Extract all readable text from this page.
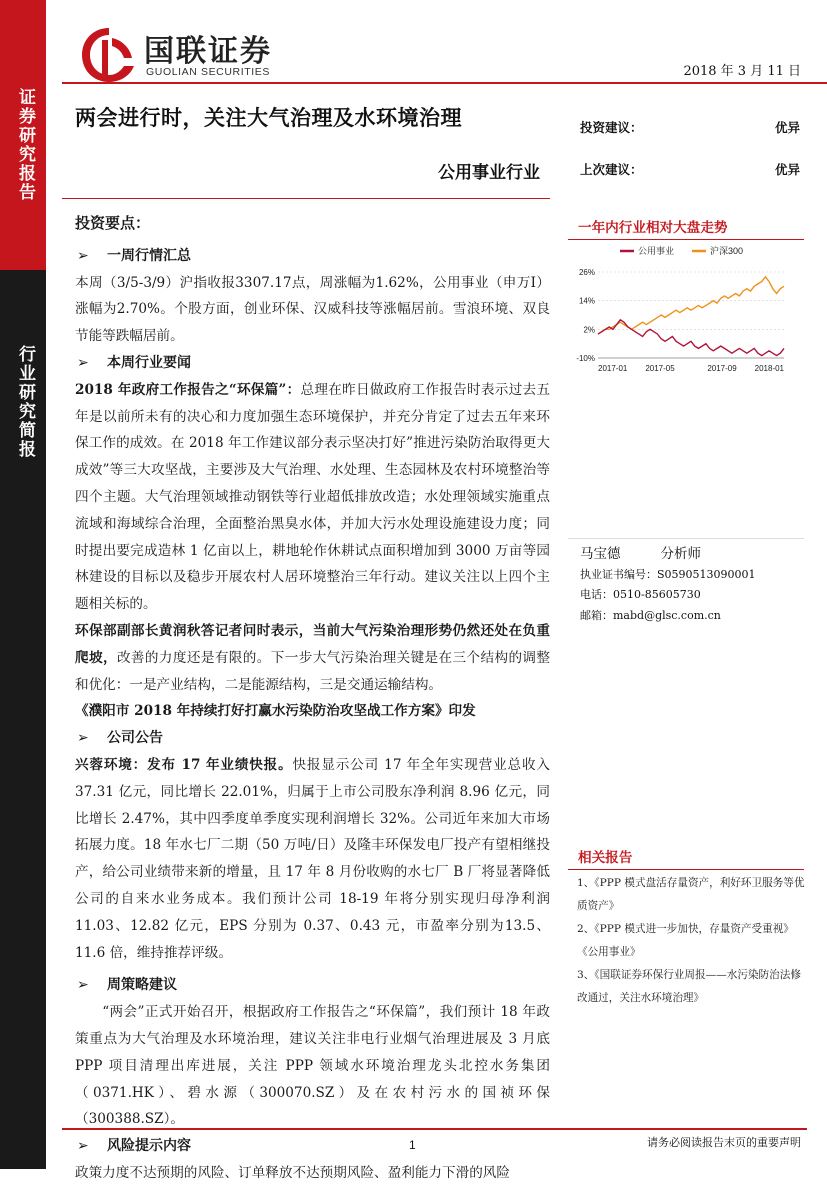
证券研究报告
行业研究简报
国联证券
GUOLIAN SECURITIES	2018 年 3 月 11 日
两会进行时，关注大气治理及水环境治理
公用事业行业
投资建议：	优异
上次建议：	优异
一年内行业相对大盘走势
公用事业	沪深300
26%
14%
2%
-10%
2017-01 2017-05	2017-09 2018-01
投资要点：
➢ 一周行情汇总

本周（3/5-3/9）沪指收报3307.17点，周涨幅为1.62%，公用事业（申万Ⅰ）涨幅为2.70%。个股方面，创业环保、汉威科技等涨幅居前。雪浪环境、双良节能等跌幅居前。

➢ 本周行业要闻

2018 年政府工作报告之“环保篇”：总理在昨日做政府工作报告时表示过去五年是以前所未有的决心和力度加强生态环境保护，并充分肯定了过去五年来环保工作的成效。在 2018 年工作建议部分表示坚决打好”推进污染防治取得更大成效”等三大攻坚战，主要涉及大气治理、水处理、生态园林及农村环境整治等四个主题。大气治理领域推动钢铁等行业超低排放改造；水处理领域实施重点流域和海域综合治理，全面整治黑臭水体，并加大污水处理设施建设力度；同时提出要完成造林 1 亿亩以上，耕地轮作休耕试点面积增加到 3000 万亩等园林建设的目标以及稳步开展农村人居环境整治三年行动。建议关注以上四个主题相关标的。

环保部副部长黄润秋答记者问时表示，当前大气污染治理形势仍然还处在负重爬坡，改善的力度还是有限的。下一步大气污染治理关键是在三个结构的调整和优化：一是产业结构，二是能源结构，三是交通运输结构。

《濮阳市 2018 年持续打好打赢水污染防治攻坚战工作方案》印发

➢ 公司公告

兴蓉环境：发布 17 年业绩快报。快报显示公司 17 年全年实现营业总收入37.31 亿元，同比增长 22.01%，归属于上市公司股东净利润 8.96 亿元，同比增长 2.47%，其中四季度单季度实现利润增长 32%。公司近年来加大市场拓展力度。18 年水七厂二期（50 万吨/日）及隆丰环保发电厂投产有望相继投产，给公司业绩带来新的增量，且 17 年 8 月份收购的水七厂 B 厂将显著降低公司的自来水业务成本。我们预计公司 18-19 年将分别实现归母净利润 11.03、12.82 亿元，EPS 分别为 0.37、0.43 元，市盈率分别为13.5、11.6 倍，维持推荐评级。

➢ 周策略建议

“两会”正式开始召开，根据政府工作报告之“环保篇”，我们预计 18 年政策重点为大气治理及水环境治理，建议关注非电行业烟气治理进展及 3 月底 PPP 项目清理出库进展，关注 PPP 领域水环境治理龙头北控水务集团（0371.HK）、碧水源（300070.SZ）及在农村污水的国祯环保（300388.SZ）。

➢ 风险提示内容

政策力度不达预期的风险、订单释放不达预期风险、盈利能力下滑的风险

马宝德	分析师
执业证书编号：S0590513090001
电话：0510-85605730
邮箱：mabd@glsc.com.cn
相关报告

1、《PPP 模式盘活存量资产，利好环卫服务等优质资产》

2、《PPP 模式进一步加快，存量资产受重视》《公用事业》

3、《国联证券环保行业周报——水污染防治法修改通过，关注水环境治理》

1	请务必阅读报告末页的重要声明
